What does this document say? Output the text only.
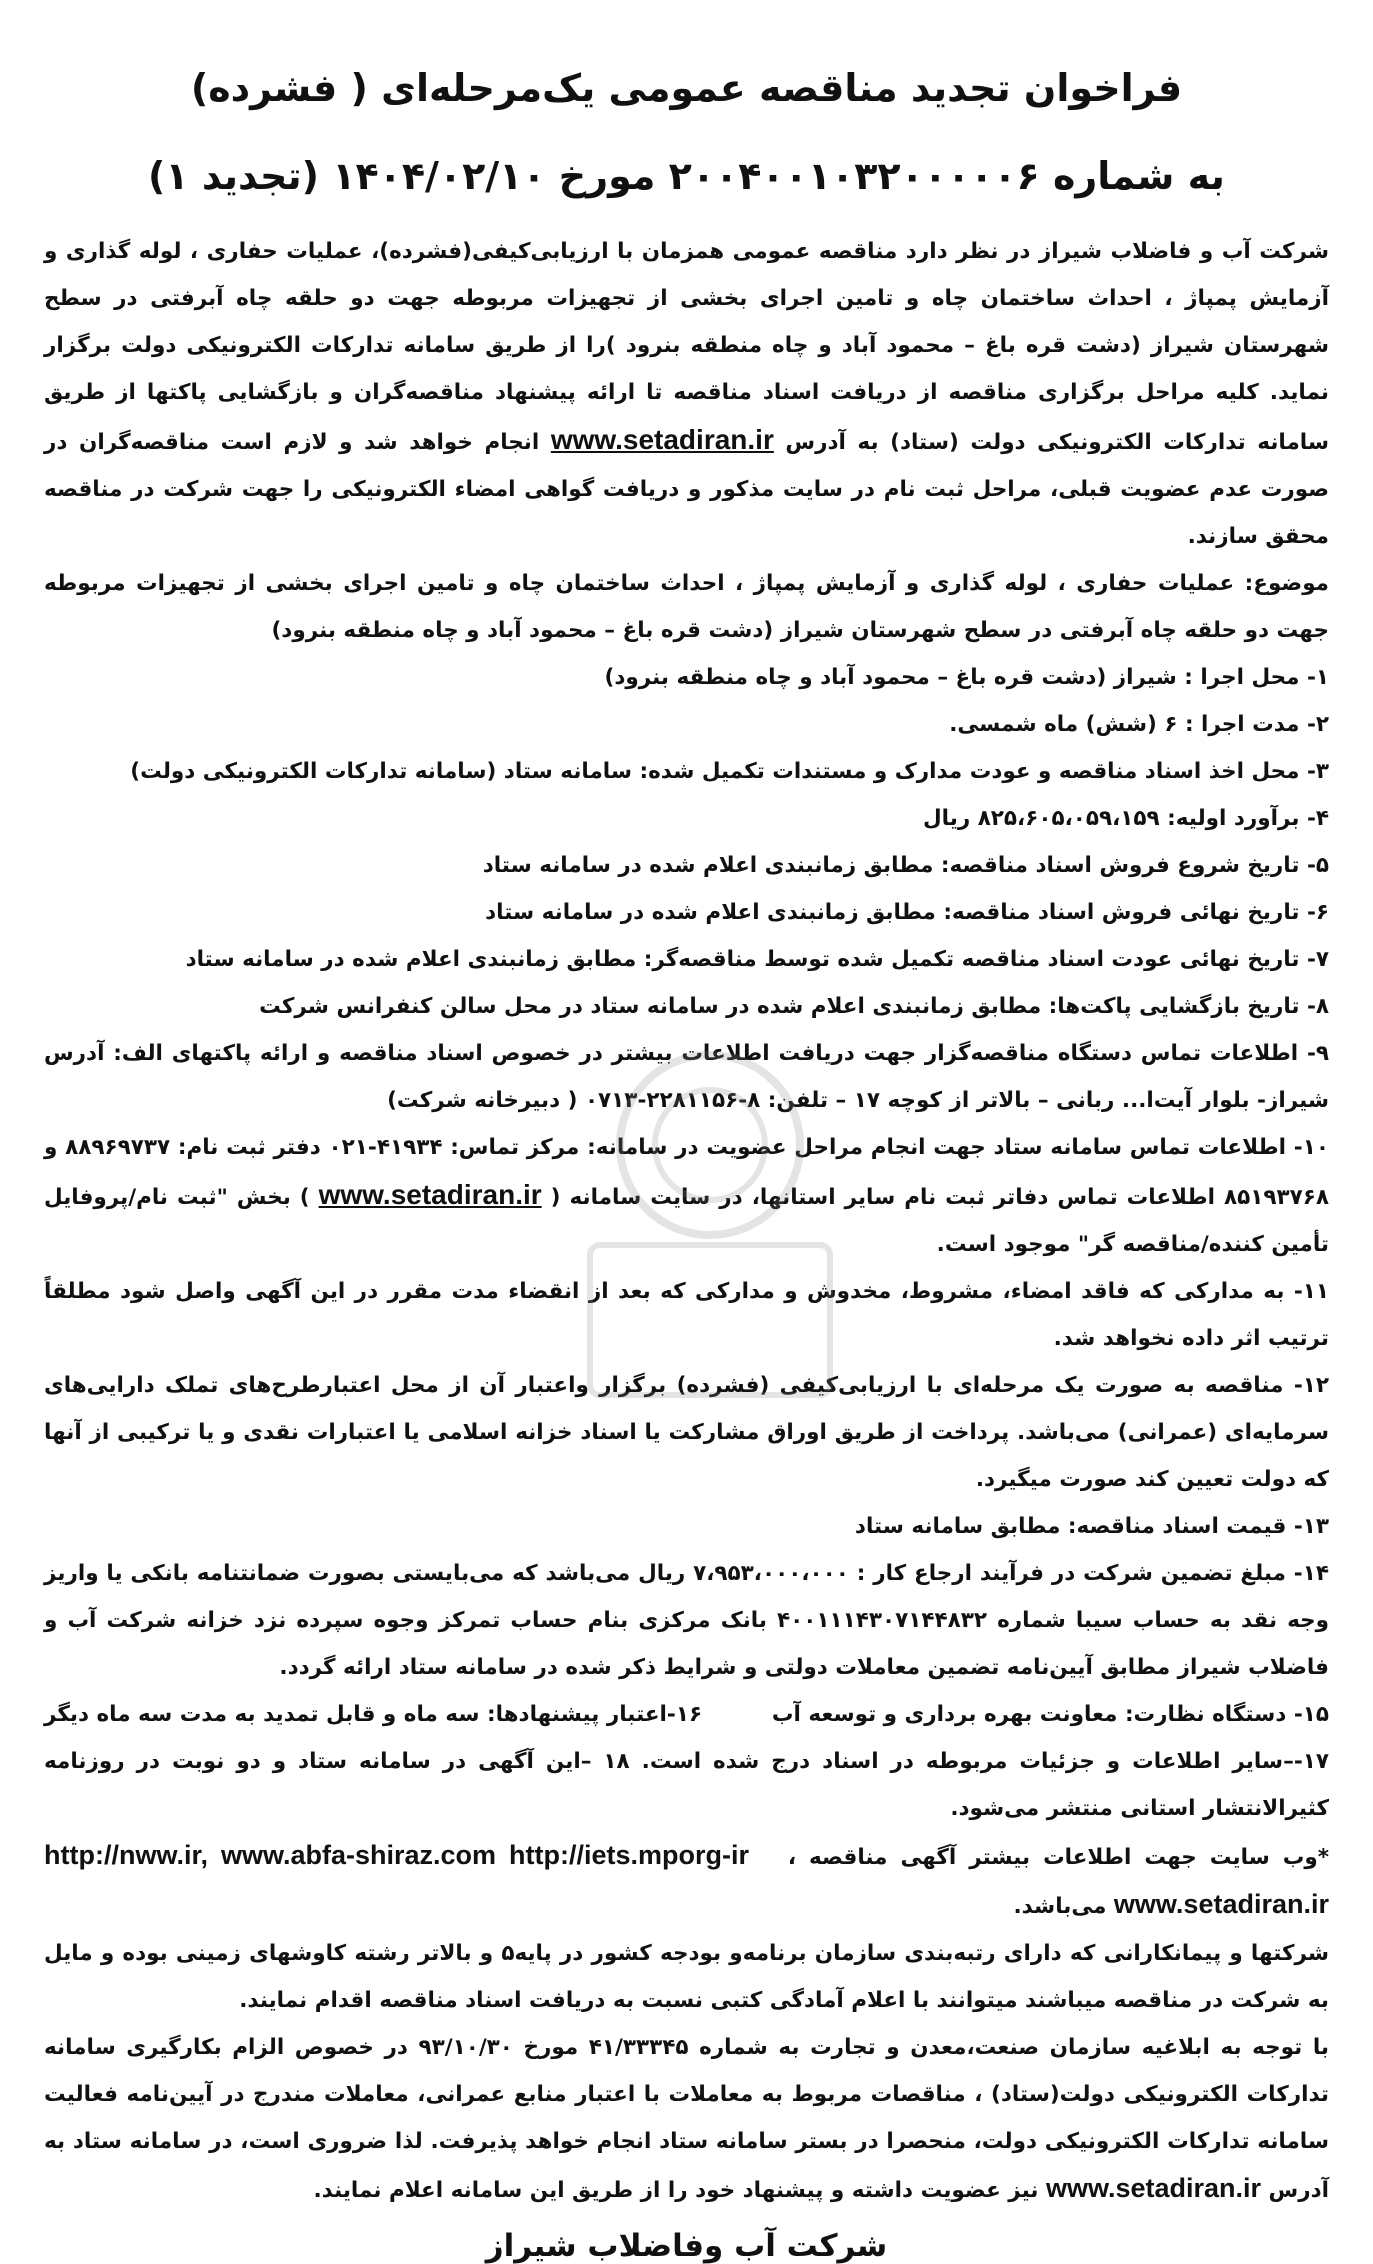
فراخوان تجدید مناقصه عمومی یک‌مرحله‌ای ( فشرده)
به شماره ۲۰۰۴۰۰۱۰۳۲۰۰۰۰۰۶ مورخ ۱۴۰۴/۰۲/۱۰ (تجدید ۱)

شرکت آب و فاضلاب شیراز در نظر دارد مناقصه عمومی همزمان با ارزیابی‌کیفی(فشرده)، عملیات حفاری ، لوله گذاری و آزمایش پمپاژ ، احداث ساختمان چاه و تامین اجرای بخشی از تجهیزات مربوطه جهت دو حلقه چاه آبرفتی در سطح شهرستان شیراز (دشت قره باغ – محمود آباد و چاه منطقه بنرود )را از طریق سامانه تدارکات الکترونیکی دولت برگزار نماید. کلیه مراحل برگزاری مناقصه از دریافت اسناد مناقصه تا ارائه پیشنهاد مناقصه‌گران و بازگشایی پاکتها از طریق سامانه تدارکات الکترونیکی دولت (ستاد) به آدرس www.setadiran.ir انجام خواهد شد و لازم است مناقصه‌گران در صورت عدم عضویت قبلی، مراحل ثبت نام در سایت مذکور و دریافت گواهی امضاء الکترونیکی را جهت شرکت در مناقصه محقق سازند.

موضوع: عملیات حفاری ، لوله گذاری و آزمایش پمپاژ ، احداث ساختمان چاه و تامین اجرای بخشی از تجهیزات مربوطه جهت دو حلقه چاه آبرفتی در سطح شهرستان شیراز (دشت قره باغ – محمود آباد و چاه منطقه بنرود)

۱- محل اجرا : شیراز (دشت قره باغ – محمود آباد و چاه منطقه بنرود)

۲- مدت اجرا : ۶ (شش) ماه شمسی.

۳- محل اخذ اسناد مناقصه و عودت مدارک و مستندات تکمیل شده: سامانه ستاد (سامانه تدارکات الکترونیکی دولت)

۴- برآورد اولیه: ۸۲۵،۶۰۵،۰۵۹،۱۵۹ ریال

۵- تاریخ شروع فروش اسناد مناقصه: مطابق زمانبندی اعلام شده در سامانه ستاد

۶- تاریخ نهائی فروش اسناد مناقصه: مطابق زمانبندی اعلام شده در سامانه ستاد

۷- تاریخ نهائی عودت اسناد مناقصه تکمیل شده توسط مناقصه‌گر: مطابق زمانبندی اعلام شده در سامانه ستاد

۸- تاریخ بازگشایی پاکت‌ها: مطابق زمانبندی اعلام شده در سامانه ستاد در محل سالن کنفرانس شرکت

۹- اطلاعات تماس دستگاه مناقصه‌گزار جهت دریافت اطلاعات بیشتر در خصوص اسناد مناقصه و ارائه پاکتهای الف: آدرس شیراز- بلوار آیت‌ا... ربانی – بالاتر از کوچه ۱۷ – تلفن: ۸-۲۲۸۱۱۵۶-۰۷۱۳ ( دبیرخانه شرکت)

۱۰- اطلاعات تماس سامانه ستاد جهت انجام مراحل عضویت در سامانه: مرکز تماس: ۴۱۹۳۴-۰۲۱ دفتر ثبت نام: ۸۸۹۶۹۷۳۷ و ۸۵۱۹۳۷۶۸ اطلاعات تماس دفاتر ثبت نام سایر استانها، در سایت سامانه ( www.setadiran.ir ) بخش "ثبت نام/پروفایل تأمین کننده/مناقصه گر" موجود است.

۱۱- به مدارکی که فاقد امضاء، مشروط، مخدوش و مدارکی که بعد از انقضاء مدت مقرر در این آگهی واصل شود مطلقاً ترتیب اثر داده نخواهد شد.

۱۲- مناقصه به صورت یک مرحله‌ای با ارزیابی‌کیفی (فشرده) برگزار واعتبار آن از محل اعتبارطرح‌های تملک دارایی‌های سرمایه‌ای (عمرانی) می‌باشد. پرداخت از طریق اوراق مشارکت یا اسناد خزانه اسلامی یا اعتبارات نقدی و یا ترکیبی از آنها که دولت تعیین کند صورت میگیرد.

۱۳- قیمت اسناد مناقصه: مطابق سامانه ستاد

۱۴- مبلغ تضمین شرکت در فرآیند ارجاع کار : ۷،۹۵۳،۰۰۰،۰۰۰ ریال می‌باشد که می‌بایستی بصورت ضمانتنامه بانکی یا واریز وجه نقد به حساب سیبا شماره ۴۰۰۱۱۱۴۳۰۷۱۴۴۸۳۲ بانک مرکزی بنام حساب تمرکز وجوه سپرده نزد خزانه شرکت آب و فاضلاب شیراز مطابق آیین‌نامه تضمین معاملات دولتی و شرایط ذکر شده در سامانه ستاد ارائه گردد.

۱۵- دستگاه نظارت: معاونت بهره برداری و توسعه آب
۱۶-اعتبار پیشنهادها: سه ماه و قابل تمدید به مدت سه ماه دیگر

۱۷-–سایر اطلاعات و جزئیات مربوطه در اسناد درج شده است. ۱۸ –این آگهی در سامانه ستاد و دو نوبت در روزنامه کثیرالانتشار استانی منتشر می‌شود.

*وب سایت جهت اطلاعات بیشتر آگهی مناقصه http://nww.ir, www.abfa-shiraz.com http://iets.mporg-ir ، www.setadiran.ir می‌باشد.

شرکتها و پیمانکارانی که دارای رتبه‌بندی سازمان برنامه‌و بودجه کشور در پایه۵ و بالاتر رشته کاوشهای زمینی بوده و مایل به شرکت در مناقصه میباشند میتوانند با اعلام آمادگی کتبی نسبت به دریافت اسناد مناقصه اقدام نمایند.

با توجه به ابلاغیه سازمان صنعت،معدن و تجارت به شماره ۴۱/۳۳۳۴۵ مورخ ۹۳/۱۰/۳۰ در خصوص الزام بکارگیری سامانه تدارکات الکترونیکی دولت(ستاد) ، مناقصات مربوط به معاملات با اعتبار منابع عمرانی، معاملات مندرج در آیین‌نامه فعالیت سامانه تدارکات الکترونیکی دولت، منحصرا در بستر سامانه ستاد انجام خواهد پذیرفت. لذا ضروری است، در سامانه ستاد به آدرس www.setadiran.ir نیز عضویت داشته و پیشنهاد خود را از طریق این سامانه اعلام نمایند.

شرکت آب وفاضلاب شیراز
